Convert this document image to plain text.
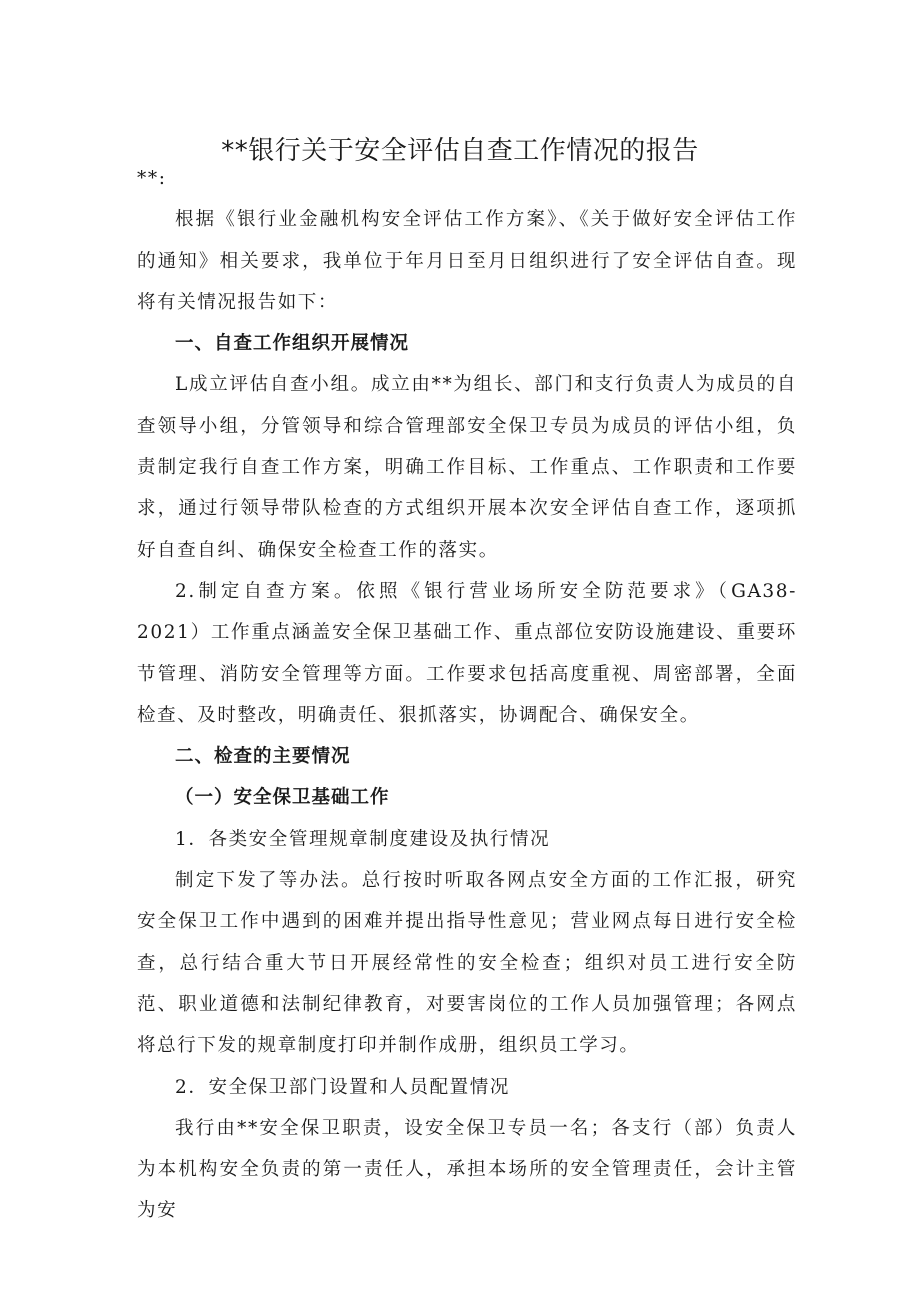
**银行关于安全评估自查工作情况的报告

**:

根据《银行业金融机构安全评估工作方案》、《关于做好安全评估工作的通知》相关要求，我单位于年月日至月日组织进行了安全评估自查。现将有关情况报告如下：

一、自查工作组织开展情况

L成立评估自查小组。成立由**为组长、部门和支行负责人为成员的自查领导小组，分管领导和综合管理部安全保卫专员为成员的评估小组，负责制定我行自查工作方案，明确工作目标、工作重点、工作职责和工作要求，通过行领导带队检查的方式组织开展本次安全评估自查工作，逐项抓好自查自纠、确保安全检查工作的落实。

2.制定自查方案。依照《银行营业场所安全防范要求》（GA38-2021）工作重点涵盖安全保卫基础工作、重点部位安防设施建设、重要环节管理、消防安全管理等方面。工作要求包括高度重视、周密部署，全面检查、及时整改，明确责任、狠抓落实，协调配合、确保安全。

二、检查的主要情况

（一）安全保卫基础工作

1．各类安全管理规章制度建设及执行情况

制定下发了等办法。总行按时听取各网点安全方面的工作汇报，研究安全保卫工作中遇到的困难并提出指导性意见；营业网点每日进行安全检查，总行结合重大节日开展经常性的安全检查；组织对员工进行安全防范、职业道德和法制纪律教育，对要害岗位的工作人员加强管理；各网点将总行下发的规章制度打印并制作成册，组织员工学习。

2．安全保卫部门设置和人员配置情况

我行由**安全保卫职责，设安全保卫专员一名；各支行（部）负责人为本机构安全负责的第一责任人，承担本场所的安全管理责任，会计主管为安
